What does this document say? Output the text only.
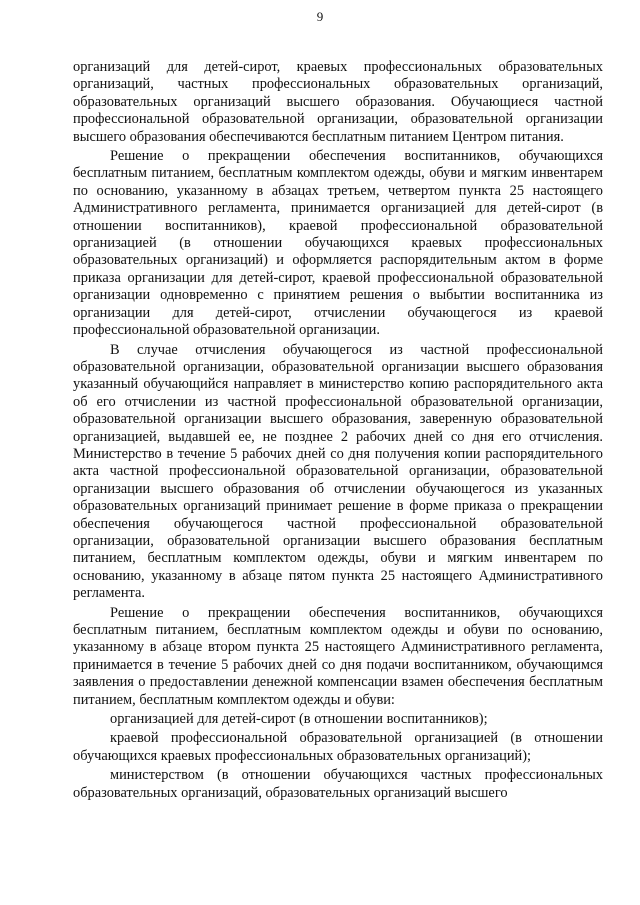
9

организаций для детей-сирот, краевых профессиональных образовательных организаций, частных профессиональных образовательных организаций, образовательных организаций высшего образования. Обучающиеся частной профессиональной образовательной организации, образовательной организации высшего образования обеспечиваются бесплатным питанием Центром питания.

Решение о прекращении обеспечения воспитанников, обучающихся бесплатным питанием, бесплатным комплектом одежды, обуви и мягким инвентарем по основанию, указанному в абзацах третьем, четвертом пункта 25 настоящего Административного регламента, принимается организацией для детей-сирот (в отношении воспитанников), краевой профессиональной образовательной организацией (в отношении обучающихся краевых профессиональных образовательных организаций) и оформляется распорядительным актом в форме приказа организации для детей-сирот, краевой профессиональной образовательной организации одновременно с принятием решения о выбытии воспитанника из организации для детей-сирот, отчислении обучающегося из краевой профессиональной образовательной организации.

В случае отчисления обучающегося из частной профессиональной образовательной организации, образовательной организации высшего образования указанный обучающийся направляет в министерство копию распорядительного акта об его отчислении из частной профессиональной образовательной организации, образовательной организации высшего образования, заверенную образовательной организацией, выдавшей ее, не позднее 2 рабочих дней со дня его отчисления. Министерство в течение 5 рабочих дней со дня получения копии распорядительного акта частной профессиональной образовательной организации, образовательной организации высшего образования об отчислении обучающегося из указанных образовательных организаций принимает решение в форме приказа о прекращении обеспечения обучающегося частной профессиональной образовательной организации, образовательной организации высшего образования бесплатным питанием, бесплатным комплектом одежды, обуви и мягким инвентарем по основанию, указанному в абзаце пятом пункта 25 настоящего Административного регламента.

Решение о прекращении обеспечения воспитанников, обучающихся бесплатным питанием, бесплатным комплектом одежды и обуви по основанию, указанному в абзаце втором пункта 25 настоящего Административного регламента, принимается в течение 5 рабочих дней со дня подачи воспитанником, обучающимся заявления о предоставлении денежной компенсации взамен обеспечения бесплатным питанием, бесплатным комплектом одежды и обуви:

организацией для детей-сирот (в отношении воспитанников);

краевой профессиональной образовательной организацией (в отношении обучающихся краевых профессиональных образовательных организаций);

министерством (в отношении обучающихся частных профессиональных образовательных организаций, образовательных организаций высшего
